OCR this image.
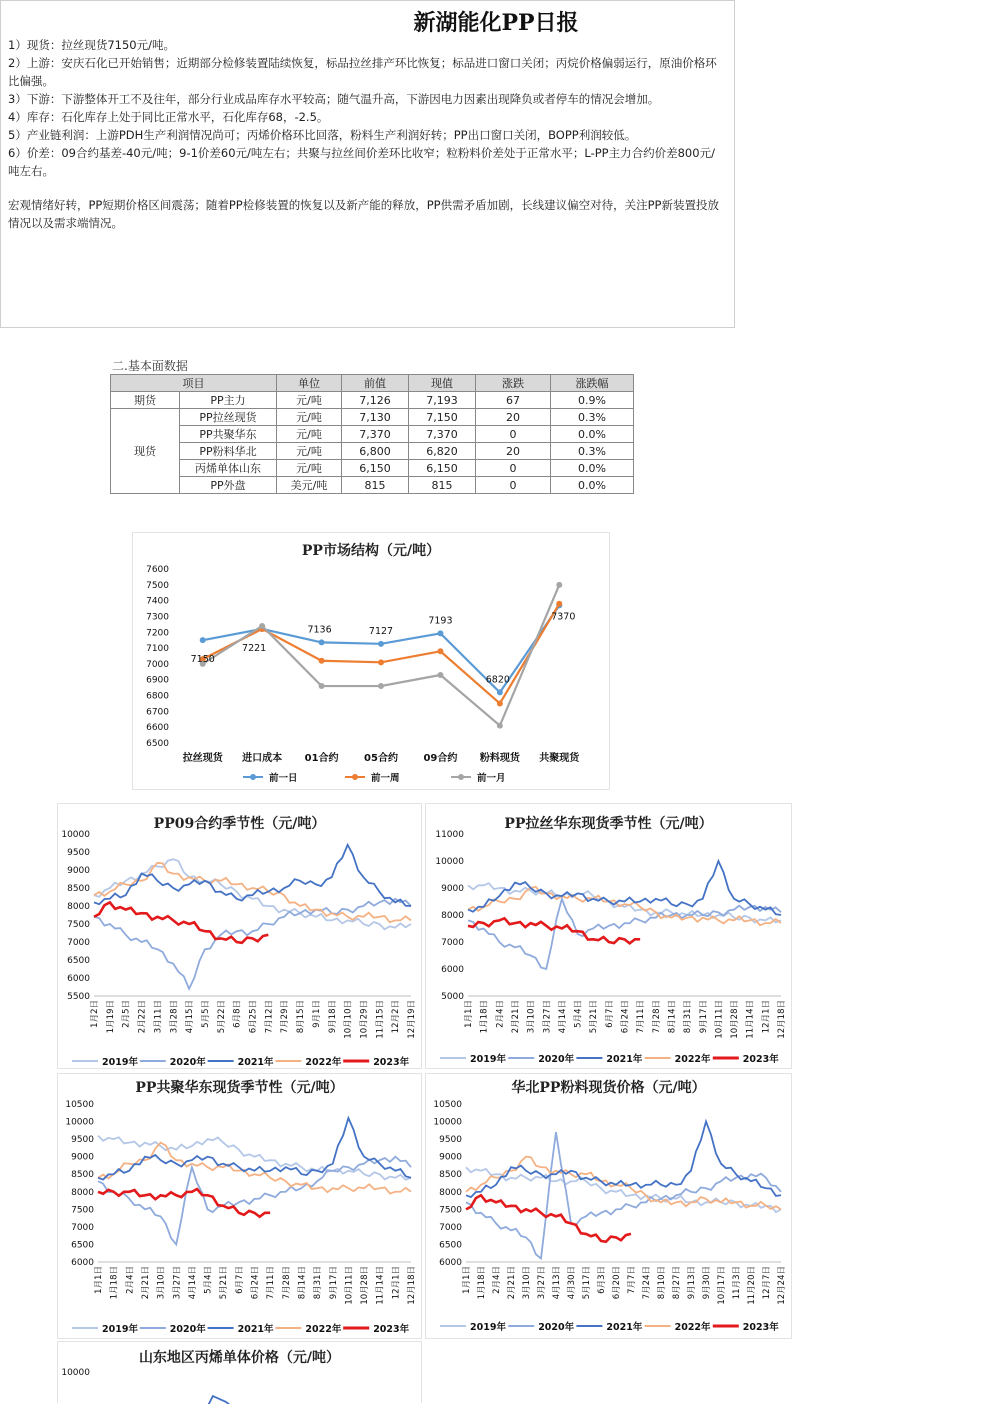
新湖能化PP日报

1）现货：拉丝现货7150元/吨。

2）上游：安庆石化已开始销售；近期部分检修装置陆续恢复，标品拉丝排产环比恢复；标品进口窗口关闭；丙烷价格偏弱运行，原油价格环比偏强。

3）下游：下游整体开工不及往年，部分行业成品库存水平较高；随气温升高，下游因电力因素出现降负或者停车的情况会增加。

4）库存：石化库存上处于同比正常水平，石化库存68，-2.5。

5）产业链利润：上游PDH生产利润情况尚可；丙烯价格环比回落，粉料生产利润好转；PP出口窗口关闭，BOPP利润较低。

6）价差：09合约基差-40元/吨；9-1价差60元/吨左右；共聚与拉丝间价差环比收窄；粒粉料价差处于正常水平；L-PP主力合约价差800元/吨左右。

宏观情绪好转，PP短期价格区间震荡；随着PP检修装置的恢复以及新产能的释放，PP供需矛盾加剧，长线建议偏空对待，关注PP新装置投放情况以及需求端情况。

二.基本面数据
项目		单位	前值	现值	涨跌	涨跌幅
期货	PP主力	元/吨	7,126	7,193	67	0.9%
现货	PP拉丝现货	元/吨	7,130	7,150	20	0.3%
	PP共聚华东	元/吨	7,370	7,370	0	0.0%
	PP粉料华北	元/吨	6,800	6,820	20	0.3%
	丙烯单体山东	元/吨	6,150	6,150	0	0.0%
	PP外盘	美元/吨	815	815	0	0.0%
PP市场结构（元/吨）
6500
6600
6700
6800
6900
7000
7100
7200
7300
7400
7500
7600
拉丝现货 进口成本 01合约	05合约	09合约 粉料现货 共聚现货
7150
7221
7136	7127
7193
6820
7370
前一日	前一周	前一月
PP09合约季节性（元/吨）
5500
6000
6500
7000
7500
8000
8500
9000
9500
10000
1月2日 1月19日 2月5日 2月22日 3月11日 3月28日 4月15日 5月5日 5月22日 6月8日 6月25日 7月12日 7月29日 8月15日 9月1日 9月18日 10月10日 10月29日 11月15日 12月2日 12月19日
2019年	2020年	2021年	2022年	2023年
PP拉丝华东现货季节性（元/吨）
5000
6000
7000
8000
9000
10000
11000
1月1日 1月18日 2月4日 2月21日 3月10日 3月27日 4月14日 5月4日 5月21日 6月7日 6月24日 7月11日 7月28日 8月14日 8月31日 9月17日 10月11日 10月28日 11月14日 12月1日 12月18日
2019年	2020年	2021年	2022年	2023年
PP共聚华东现货季节性（元/吨）
6000
6500
7000
7500
8000
8500
9000
9500
10000
10500
1月1日 1月18日 2月4日 2月21日 3月10日 3月27日 4月14日 5月4日 5月21日 6月7日 6月24日 7月11日 7月28日 8月14日 8月31日 9月17日 10月11日 10月28日 11月14日 12月1日 12月18日
2019年	2020年	2021年	2022年	2023年
华北PP粉料现货价格（元/吨）
6000
6500
7000
7500
8000
8500
9000
9500
10000
10500
1月1日 1月18日 2月4日 2月21日 3月10日 3月27日 4月13日 4月30日 5月17日 6月3日 6月20日 7月7日 7月24日 8月10日 8月27日 9月13日 9月30日 10月17日 11月3日 11月20日 12月7日 12月24日
2019年	2020年	2021年	2022年	2023年
山东地区丙烯单体价格（元/吨）
10000
